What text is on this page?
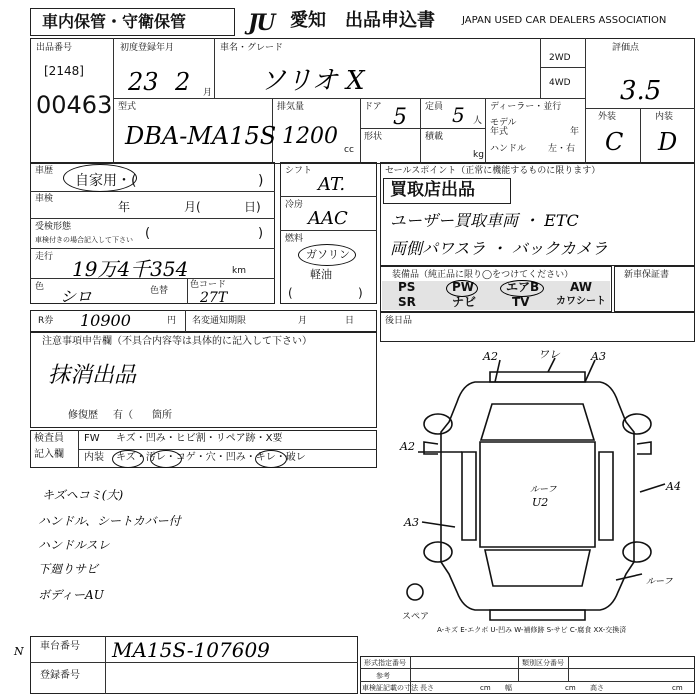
車内保管・守衛保管	JU 愛知 出品申込書	JAPAN USED CAR DEALERS ASSOCIATION
出品番号
[2148]
00463
初度登録年月
23 2 月
車名・グレード
ソリオ X
2WD
4WD
評価点
3.5
外装	内装
C D
型式
DBA-MA15S
排気量
1200
cc
ドア 5
形状
定員 5 人
積載
kg
ディーラー・並行
モデル
年式	年
ハンドル 左・右
車歴
自家用・(	)
車検
年	月(	日)
受検形態
車検付きの場合記入して下さい (	)
走行 19万4千354	km
色 シロ	色替
色コード
27T
シフト
AT.
冷房
AAC
燃料
ガソリン
軽油
(	)
セールスポイント（正常に機能するものに限ります）
買取店出品
ユーザー買取車両 ・ ETC
両側パワスラ ・ バックカメラ
装備品（純正品に限り◯をつけてください）
PS	PW	エアB	AW
SR	ナビ	TV	カワシート
新車保証書
R券 10900	円 名変通知期限	月	日	後日品
注意事項申告欄（不具合内容等は具体的に記入して下さい）
抹消出品
修復歴 有（ 箇所
検査員
記入欄
FW キズ・凹み・ヒビ割・リペア跡・X要
内装 キズ・汚レ・コゲ・穴・凹み・キレ・破レ
キズヘコミ(大)
ハンドル、シートカバー付
ハンドルスレ
下廻りサビ
ボディーAU
A2	ワレ	A3
A2
A4
A3
ルーフ
U2
ルーフ
スペア
A-キズ E-エクボ U-凹み W-補修跡 S-サビ C-腐食 XX-交換済
車台番号 MA15S-107609
登録番号
N
形式指定番号	類別区分番号
参考
車検証記載の寸法 長さ	cm 幅	cm 高さ	cm
